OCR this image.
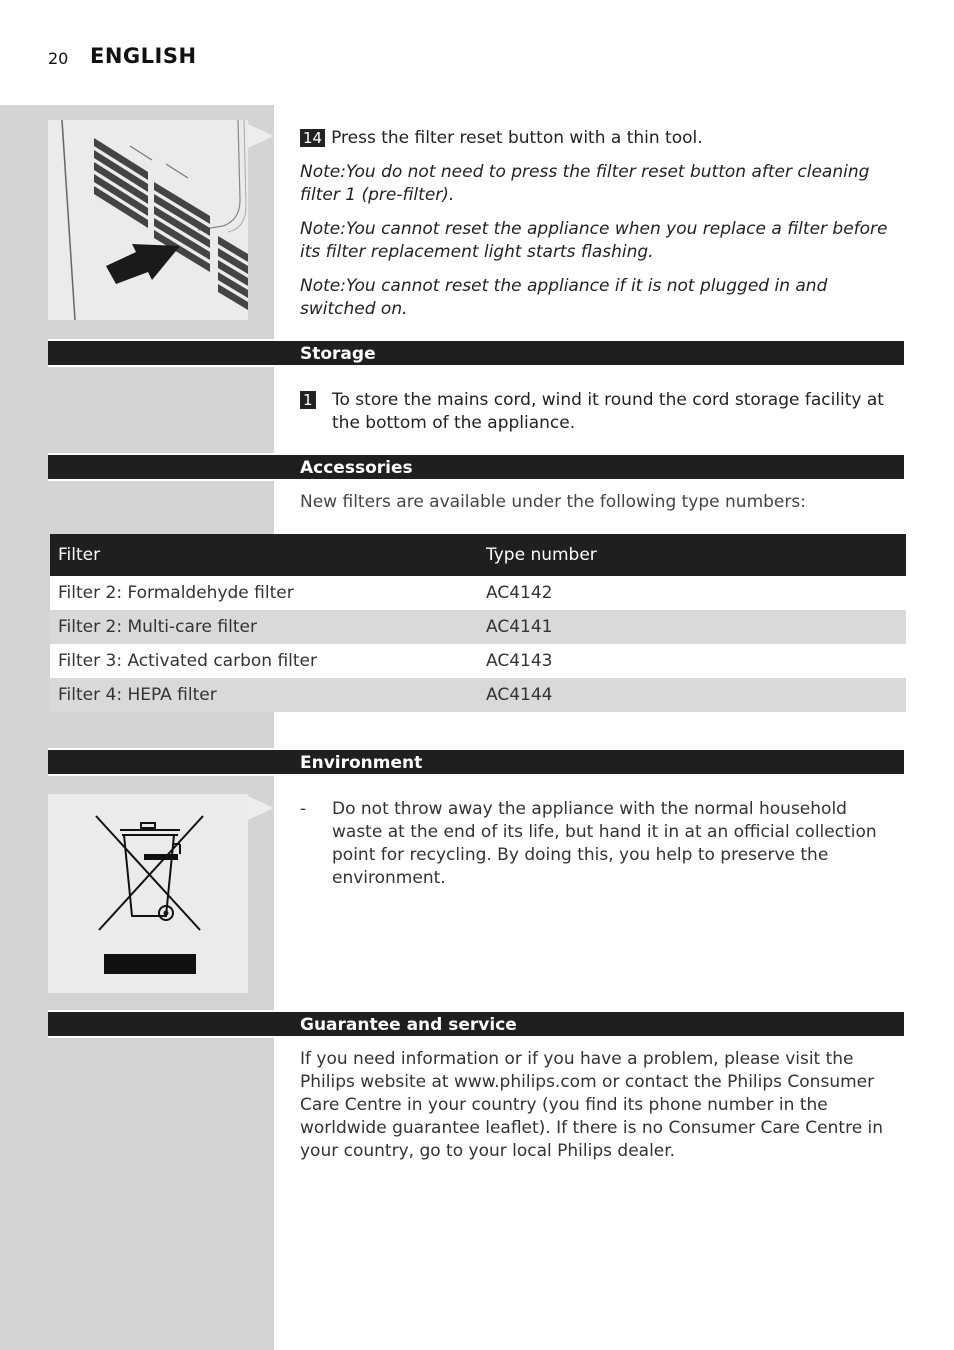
20 ENGLISH
14 Press the filter reset button with a thin tool.
Note:You do not need to press the filter reset button after cleaning filter 1 (pre-filter).
Note:You cannot reset the appliance when you replace a filter before its filter replacement light starts flashing.
Note:You cannot reset the appliance if it is not plugged in and switched on.
Storage
1	To store the mains cord, wind it round the cord storage facility at the bottom of the appliance.
Accessories
New filters are available under the following type numbers:
Filter	Type number
Filter 2: Formaldehyde filter	AC4142
Filter 2: Multi-care filter	AC4141
Filter 3: Activated carbon filter	AC4143
Filter 4: HEPA filter	AC4144
Environment
-	Do not throw away the appliance with the normal household waste at the end of its life, but hand it in at an official collection point for recycling. By doing this, you help to preserve the environment.
Guarantee and service
If you need information or if you have a problem, please visit the Philips website at www.philips.com or contact the Philips Consumer Care Centre in your country (you find its phone number in the worldwide guarantee leaflet). If there is no Consumer Care Centre in your country, go to your local Philips dealer.
